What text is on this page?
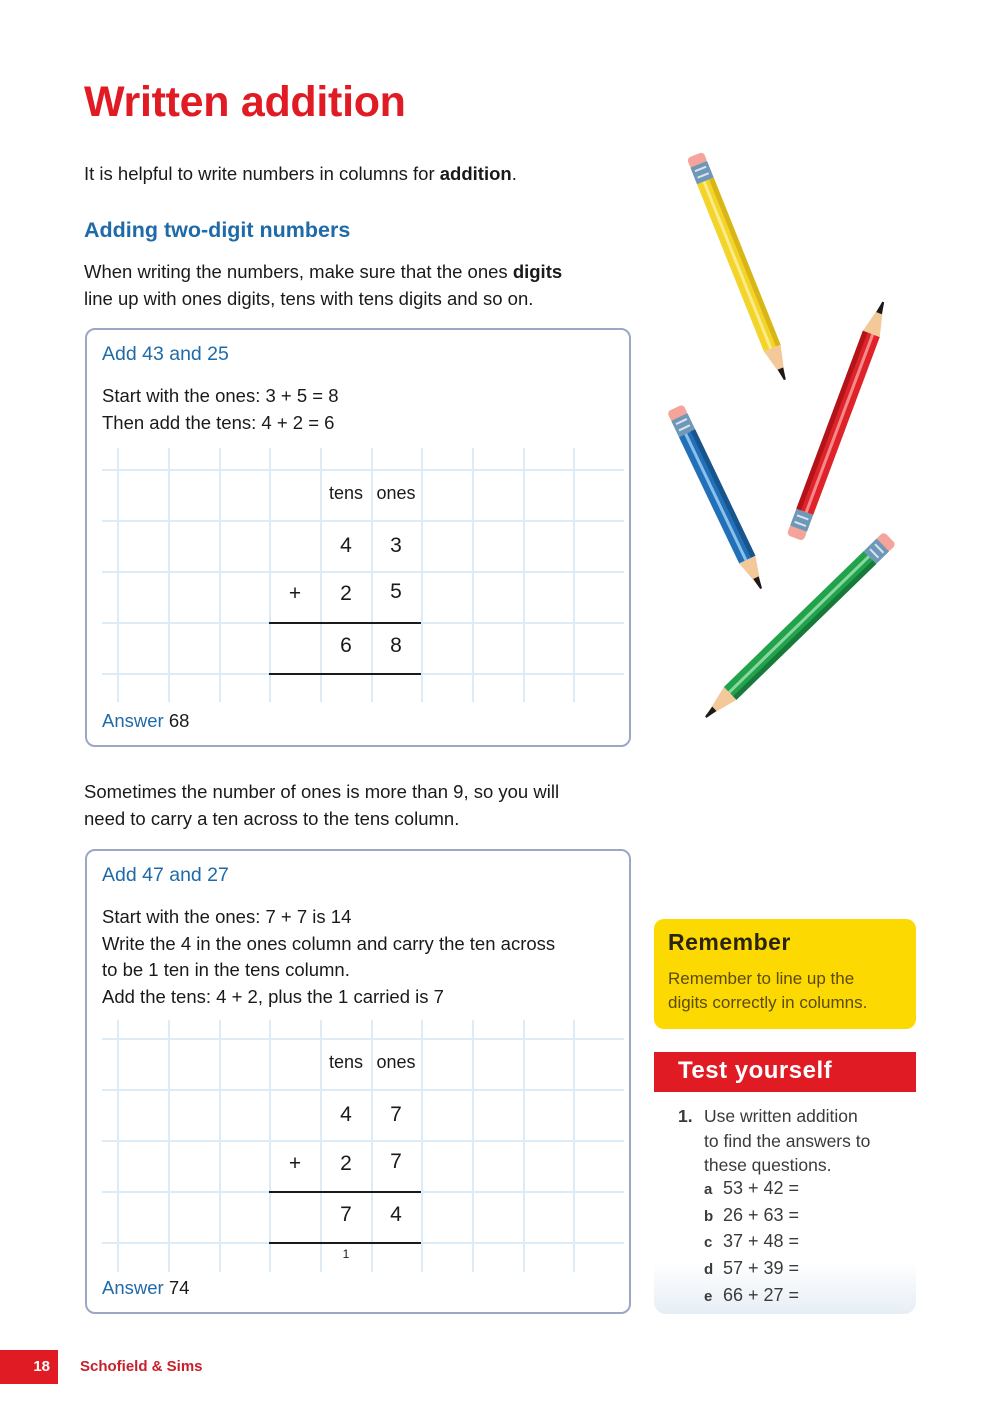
Written addition
It is helpful to write numbers in columns for addition.
Adding two-digit numbers
When writing the numbers, make sure that the ones digits
line up with ones digits, tens with tens digits and so on.
Add 43 and 25
Start with the ones: 3 + 5 = 8
Then add the tens: 4 + 2 = 6
tens ones
4	3
+	2	5
6	8
Answer 68
Sometimes the number of ones is more than 9, so you will
need to carry a ten across to the tens column.
Add 47 and 27
Start with the ones: 7 + 7 is 14
Write the 4 in the ones column and carry the ten across
to be 1 ten in the tens column.
Add the tens: 4 + 2, plus the 1 carried is 7
tens ones
4	7
+	2	7
7	4
1
Answer 74
Remember
Remember to line up the
digits correctly in columns.
Test yourself
1. Use written addition
to find the answers to
these questions.
a 53 + 42 =
b 26 + 63 =
c 37 + 48 =
d 57 + 39 =
e 66 + 27 =
18	Schofield & Sims
